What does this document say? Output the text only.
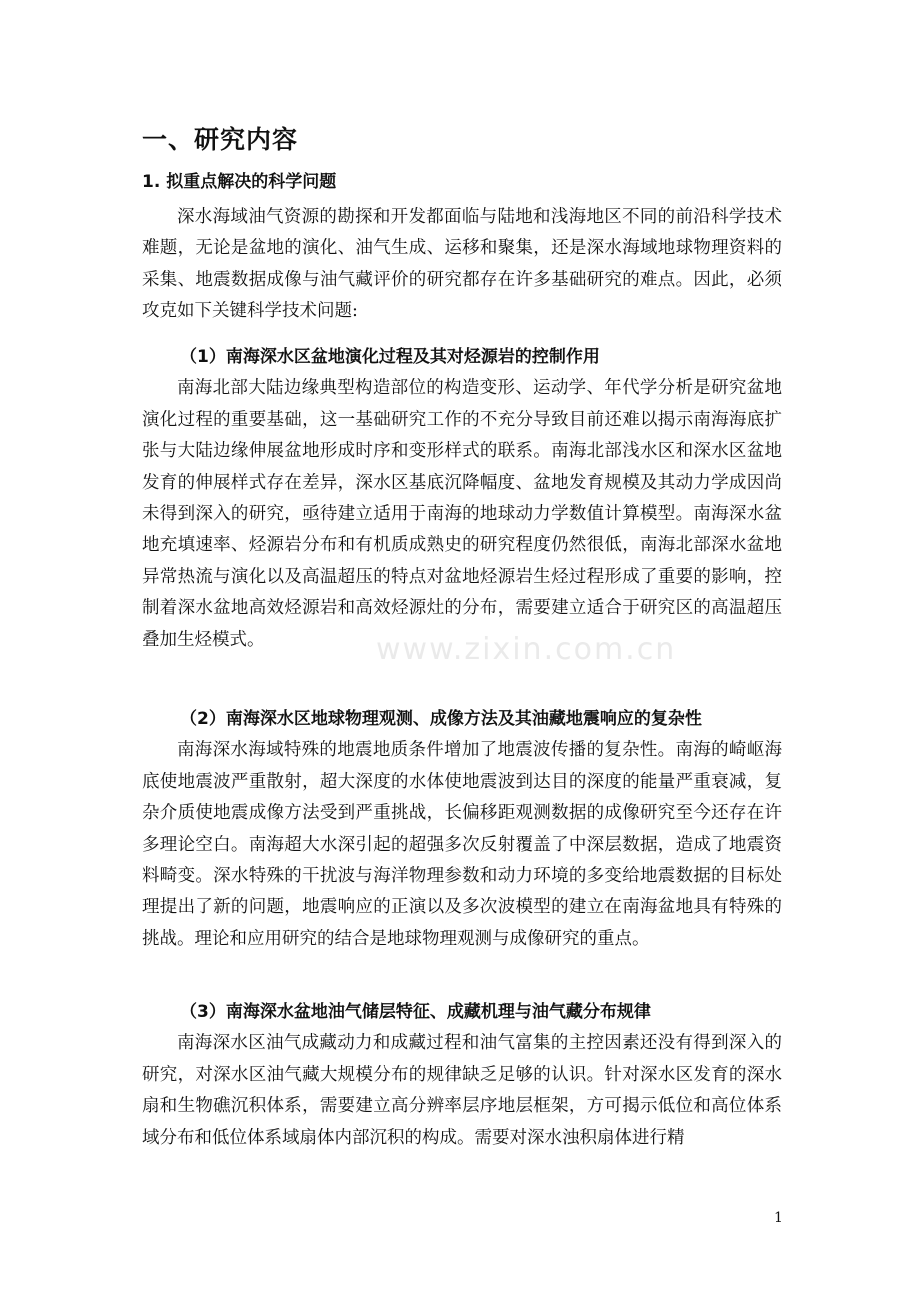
一、研究内容
1. 拟重点解决的科学问题

深水海域油气资源的勘探和开发都面临与陆地和浅海地区不同的前沿科学技术难题，无论是盆地的演化、油气生成、运移和聚集，还是深水海域地球物理资料的采集、地震数据成像与油气藏评价的研究都存在许多基础研究的难点。因此，必须攻克如下关键科学技术问题:

（1）南海深水区盆地演化过程及其对烃源岩的控制作用

南海北部大陆边缘典型构造部位的构造变形、运动学、年代学分析是研究盆地演化过程的重要基础，这一基础研究工作的不充分导致目前还难以揭示南海海底扩张与大陆边缘伸展盆地形成时序和变形样式的联系。南海北部浅水区和深水区盆地发育的伸展样式存在差异，深水区基底沉降幅度、盆地发育规模及其动力学成因尚未得到深入的研究，亟待建立适用于南海的地球动力学数值计算模型。南海深水盆地充填速率、烃源岩分布和有机质成熟史的研究程度仍然很低，南海北部深水盆地异常热流与演化以及高温超压的特点对盆地烃源岩生烃过程形成了重要的影响，控制着深水盆地高效烃源岩和高效烃源灶的分布，需要建立适合于研究区的高温超压叠加生烃模式。

（2）南海深水区地球物理观测、成像方法及其油藏地震响应的复杂性

南海深水海域特殊的地震地质条件增加了地震波传播的复杂性。南海的崎岖海底使地震波严重散射，超大深度的水体使地震波到达目的深度的能量严重衰减，复杂介质使地震成像方法受到严重挑战，长偏移距观测数据的成像研究至今还存在许多理论空白。南海超大水深引起的超强多次反射覆盖了中深层数据，造成了地震资料畸变。深水特殊的干扰波与海洋物理参数和动力环境的多变给地震数据的目标处理提出了新的问题，地震响应的正演以及多次波模型的建立在南海盆地具有特殊的挑战。理论和应用研究的结合是地球物理观测与成像研究的重点。

（3）南海深水盆地油气储层特征、成藏机理与油气藏分布规律

南海深水区油气成藏动力和成藏过程和油气富集的主控因素还没有得到深入的研究，对深水区油气藏大规模分布的规律缺乏足够的认识。针对深水区发育的深水扇和生物礁沉积体系，需要建立高分辨率层序地层框架，方可揭示低位和高位体系域分布和低位体系域扇体内部沉积的构成。需要对深水浊积扇体进行精

www.zixin.com.cn
1
